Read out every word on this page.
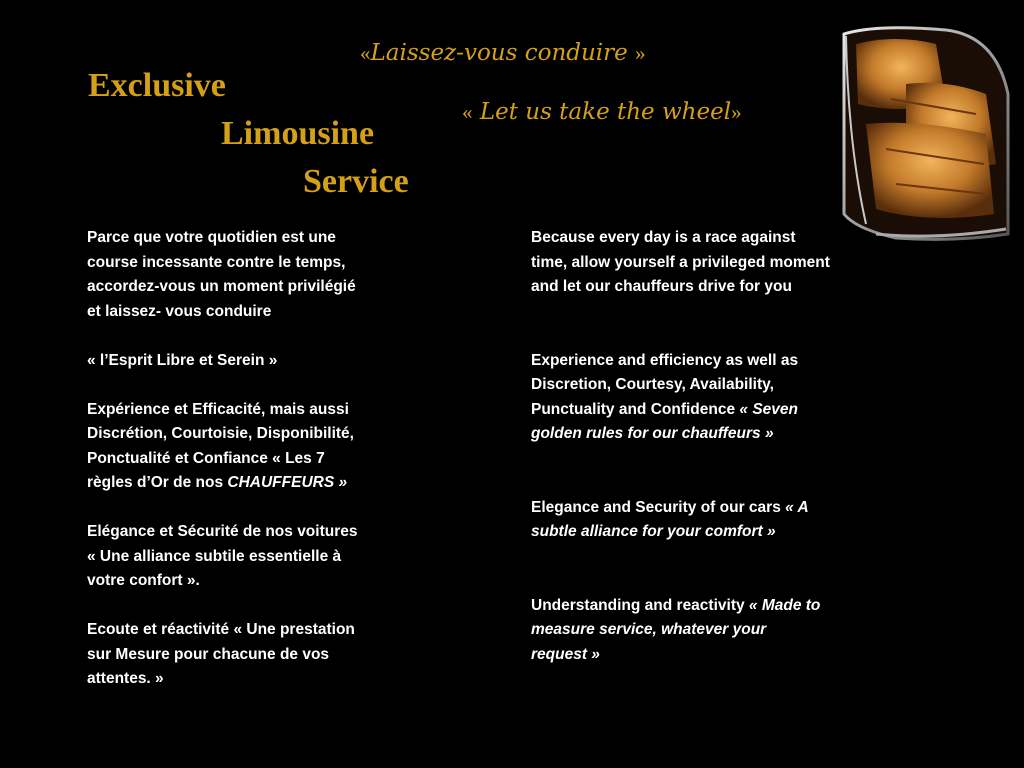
«Laissez-vous conduire »
« Let us take the wheel»
Exclusive
Limousine
Service

Parce que votre quotidien est une

course incessante contre le temps,

accordez-vous un moment privilégié

et laissez- vous conduire

« l’Esprit Libre et Serein »

Expérience et Efficacité, mais aussi

Discrétion, Courtoisie, Disponibilité,

Ponctualité et Confiance « Les 7

règles d’Or de nos CHAUFFEURS »

Elégance et Sécurité de nos voitures

« Une alliance subtile essentielle à

votre confort ».

Ecoute et réactivité « Une prestation

sur Mesure pour chacune de vos

attentes. »

Because every day is a race against

time, allow yourself a privileged moment

and let our chauffeurs drive for you

Experience and efficiency as well as

Discretion, Courtesy, Availability,

Punctuality and Confidence « Seven

golden rules for our chauffeurs »

Elegance and Security of our cars « A

subtle alliance for your comfort »

Understanding and reactivity « Made to

measure service, whatever your

request »
